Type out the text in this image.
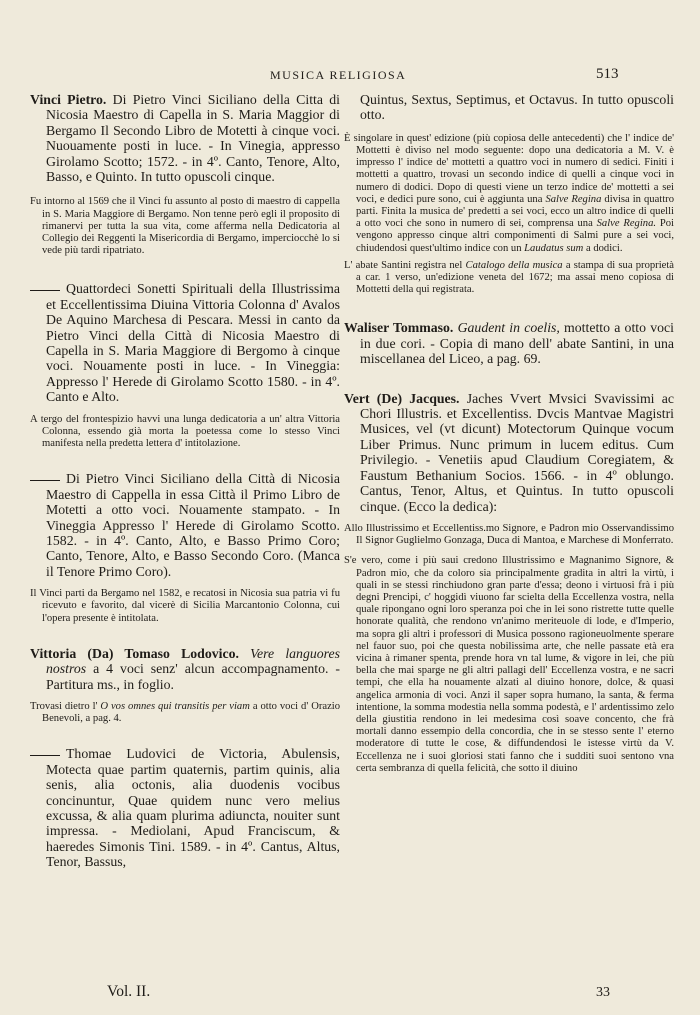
MUSICA RELIGIOSA	513

Vinci Pietro. Di Pietro Vinci Siciliano della Citta di Nicosia Maestro di Capella in S. Maria Maggior di Bergamo Il Secondo Libro de Motetti à cinque voci. Nuouamente posti in luce. - In Vinegia, appresso Girolamo Scotto; 1572. - in 4º. Canto, Tenore, Alto, Basso, e Quinto. In tutto opuscoli cinque.

Fu intorno al 1569 che il Vinci fu assunto al posto di maestro di cappella in S. Maria Maggiore di Bergamo. Non tenne però egli il proposito di rimanervi per tutta la sua vita, come afferma nella Dedicatoria al Collegio dei Reggenti la Misericordia di Bergamo, imperciocchè lo si vede più tardi ripatriato.

Quattordeci Sonetti Spirituali della Illustrissima et Eccellentissima Diuina Vittoria Colonna d' Avalos De Aquino Marchesa di Pescara. Messi in canto da Pietro Vinci della Città di Nicosia Maestro di Capella in S. Maria Maggiore di Bergomo à cinque voci. Nouamente posti in luce. - In Vineggia: Appresso l' Herede di Girolamo Scotto 1580. - in 4º. Canto e Alto.

A tergo del frontespizio havvi una lunga dedicatoria a un' altra Vittoria Colonna, essendo già morta la poetessa come lo stesso Vinci manifesta nella predetta lettera d' intitolazione.

Di Pietro Vinci Siciliano della Città di Nicosia Maestro di Cappella in essa Città il Primo Libro de Motetti a otto voci. Nouamente stampato. - In Vineggia Appresso l' Herede di Girolamo Scotto. 1582. - in 4º. Canto, Alto, e Basso Primo Coro; Canto, Tenore, Alto, e Basso Secondo Coro. (Manca il Tenore Primo Coro).

Il Vinci parti da Bergamo nel 1582, e recatosi in Nicosia sua patria vi fu ricevuto e favorito, dal vicerè di Sicilia Marcantonio Colonna, cui l'opera presente è intitolata.

Vittoria (Da) Tomaso Lodovico. Vere languores nostros a 4 voci senz' alcun accompagnamento. - Partitura ms., in foglio.

Trovasi dietro l' O vos omnes qui transitis per viam a otto voci d' Orazio Benevoli, a pag. 4.

Thomae Ludovici de Victoria, Abulensis, Motecta quae partim quaternis, partim quinis, alia senis, alia octonis, alia duodenis vocibus concinuntur, Quae quidem nunc vero melius excussa, & alia quam plurima adiuncta, nouiter sunt impressa. - Mediolani, Apud Franciscum, & haeredes Simonis Tini. 1589. - in 4º. Cantus, Altus, Tenor, Bassus,

Quintus, Sextus, Septimus, et Octavus. In tutto opuscoli otto.

È singolare in quest' edizione (più copiosa delle antecedenti) che l' indice de' Mottetti è diviso nel modo seguente: dopo una dedicatoria a M. V. è impresso l' indice de' mottetti a quattro voci in numero di sedici. Finiti i mottetti a quattro, trovasi un secondo indice di quelli a cinque voci in numero di dodici. Dopo di questi viene un terzo indice de' mottetti a sei voci, e dedici pure sono, cui è aggiunta una Salve Regina divisa in quattro parti. Finita la musica de' predetti a sei voci, ecco un altro indice di quelli a otto voci che sono in numero di sei, comprensa una Salve Regina. Poi vengono appresso cinque altri componimenti di Salmi pure a sei voci, chiudendosi quest'ultimo indice con un Laudatus sum a dodici.

L' abate Santini registra nel Catalogo della musica a stampa di sua proprietà a car. 1 verso, un'edizione veneta del 1672; ma assai meno copiosa di Mottetti della qui registrata.

Waliser Tommaso. Gaudent in coelis, mottetto a otto voci in due cori. - Copia di mano dell' abate Santini, in una miscellanea del Liceo, a pag. 69.

Vert (De) Jacques. Jaches Vvert Mvsici Svavissimi ac Chori Illustris. et Excellentiss. Dvcis Mantvae Magistri Musices, vel (vt dicunt) Motectorum Quinque vocum Liber Primus. Nunc primum in lucem editus. Cum Privilegio. - Venetiis apud Claudium Coregiatem, & Faustum Bethanium Socios. 1566. - in 4º oblungo. Cantus, Tenor, Altus, et Quintus. In tutto opuscoli cinque. (Ecco la dedica):

Allo Illustrissimo et Eccellentiss.mo Signore, e Padron mio Osservandissimo Il Signor Guglielmo Gonzaga, Duca di Mantoa, e Marchese di Monferrato.

S'e vero, come i più saui credono Illustrissimo e Magnanimo Signore, & Padron mio, che da coloro sia principalmente gradita in altri la virtù, i quali in se stessi rinchiudono gran parte d'essa; deono i virtuosi frà i più degni Prencipi, c' hoggidì viuono far scielta della Eccellenza vostra, nella quale ripongano ogni loro speranza poi che in lei sono ristrette tutte quelle honorate qualità, che rendono vn'animo meriteuole di lode, e d'Imperio, ma sopra gli altri i professori di Musica possono ragioneuolmente sperare nel fauor suo, poi che questa nobilissima arte, che nelle passate età era vicina à rimaner spenta, prende hora vn tal lume, & vigore in lei, che più bella che mai sparge ne gli altri pallagi dell' Eccellenza vostra, e ne sacri tempi, che ella ha nouamente alzati al diuino honore, dolce, & quasi angelica armonia di voci. Anzi il saper sopra humano, la santa, & ferma intentione, la somma modestia nella somma podestà, e l' ardentissimo zelo della giustitia rendono in lei medesima così soave concento, che frà mortali danno essempio della concordia, che in se stesso sente l' eterno moderatore di tutte le cose, & diffundendosi le istesse virtù da V. Eccellenza ne i suoi gloriosi stati fanno che i sudditi suoi sentono vna certa sembranza di quella felicità, che sotto il diuino

Vol. II.	33
